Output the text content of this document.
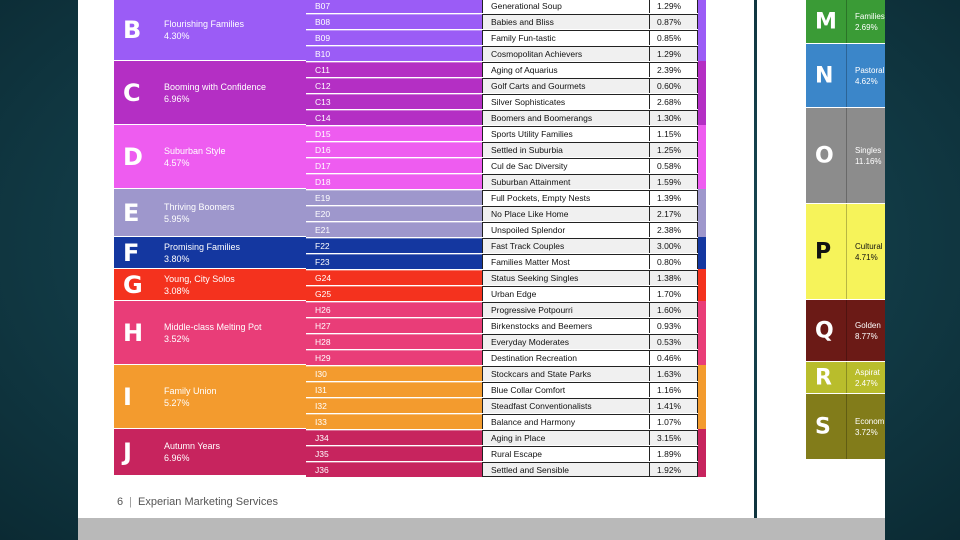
B	Flourishing Families
4.30%
B07	Generational Soup	1.29%
B08	Babies and Bliss	0.87%
B09	Family Fun-tastic	0.85%
B10	Cosmopolitan Achievers	1.29%
C	Booming with Confidence
6.96%
C11	Aging of Aquarius	2.39%
C12	Golf Carts and Gourmets	0.60%
C13	Silver Sophisticates	2.68%
C14	Boomers and Boomerangs	1.30%
D Suburban Style
4.57%
D15	Sports Utility Families	1.15%
D16	Settled in Suburbia	1.25%
D17	Cul de Sac Diversity	0.58%
D18	Suburban Attainment	1.59%
E	Thriving Boomers
5.95%
E19	Full Pockets, Empty Nests	1.39%
E20	No Place Like Home	2.17%
E21	Unspoiled Splendor	2.38%
F	Promising Families
3.80%
F22	Fast Track Couples	3.00%
F23	Families Matter Most	0.80%
G Young, City Solos
3.08%
G24	Status Seeking Singles	1.38%
G25	Urban Edge	1.70%
H Middle-class Melting Pot
3.52%
H26	Progressive Potpourri	1.60%
H27	Birkenstocks and Beemers	0.93%
H28	Everyday Moderates	0.53%
H29	Destination Recreation	0.46%
I	Family Union
5.27%
I30	Stockcars and State Parks	1.63%
I31	Blue Collar Comfort	1.16%
I32	Steadfast Conventionalists	1.41%
I33	Balance and Harmony	1.07%
J	Autumn Years
6.96%
J34	Aging in Place	3.15%
J35	Rural Escape	1.89%
J36	Settled and Sensible	1.92%
M Families
2.69%
N	Pastoral
4.62%
O	Singles
11.16%
P	Cultural
4.71%
Q	Golden
8.77%
R	Aspirat
2.47%
S	Econom
3.72%
6 | Experian Marketing Services
